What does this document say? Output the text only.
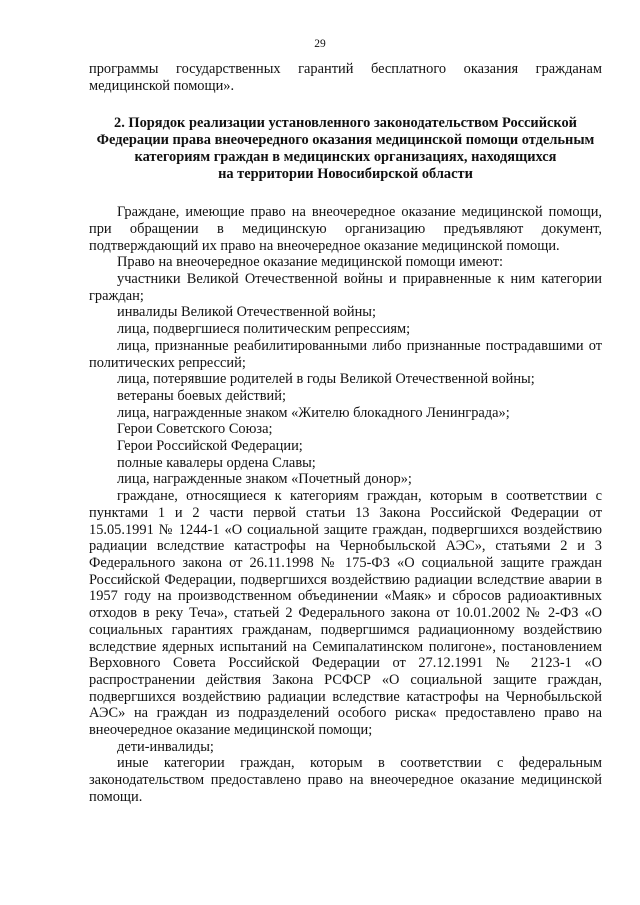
29

программы государственных гарантий бесплатного оказания гражданам медицинской помощи».

2. Порядок реализации установленного законодательством Российской
Федерации права внеочередного оказания медицинской помощи отдельным
категориям граждан в медицинских организациях, находящихся
на территории Новосибирской области

Граждане, имеющие право на внеочередное оказание медицинской помощи, при обращении в медицинскую организацию предъявляют документ, подтверждающий их право на внеочередное оказание медицинской помощи.

Право на внеочередное оказание медицинской помощи имеют:

участники Великой Отечественной войны и приравненные к ним категории граждан;

инвалиды Великой Отечественной войны;

лица, подвергшиеся политическим репрессиям;

лица, признанные реабилитированными либо признанные пострадавшими от политических репрессий;

лица, потерявшие родителей в годы Великой Отечественной войны;

ветераны боевых действий;

лица, награжденные знаком «Жителю блокадного Ленинграда»;

Герои Советского Союза;

Герои Российской Федерации;

полные кавалеры ордена Славы;

лица, награжденные знаком «Почетный донор»;

граждане, относящиеся к категориям граждан, которым в соответствии с пунктами 1 и 2 части первой статьи 13 Закона Российской Федерации от 15.05.1991 № 1244-1 «О социальной защите граждан, подвергшихся воздействию радиации вследствие катастрофы на Чернобыльской АЭС», статьями 2 и 3 Федерального закона от 26.11.1998 № 175-ФЗ «О социальной защите граждан Российской Федерации, подвергшихся воздействию радиации вследствие аварии в 1957 году на производственном объединении «Маяк» и сбросов радиоактивных отходов в реку Теча», статьей 2 Федерального закона от 10.01.2002 № 2-ФЗ «О социальных гарантиях гражданам, подвергшимся радиационному воздействию вследствие ядерных испытаний на Семипалатинском полигоне», постановлением Верховного Совета Российской Федерации от 27.12.1991 № 2123-1 «О распространении действия Закона РСФСР «О социальной защите граждан, подвергшихся воздействию радиации вследствие катастрофы на Чернобыльской АЭС» на граждан из подразделений особого риска« предоставлено право на внеочередное оказание медицинской помощи;

дети-инвалиды;

иные категории граждан, которым в соответствии с федеральным законодательством предоставлено право на внеочередное оказание медицинской помощи.
